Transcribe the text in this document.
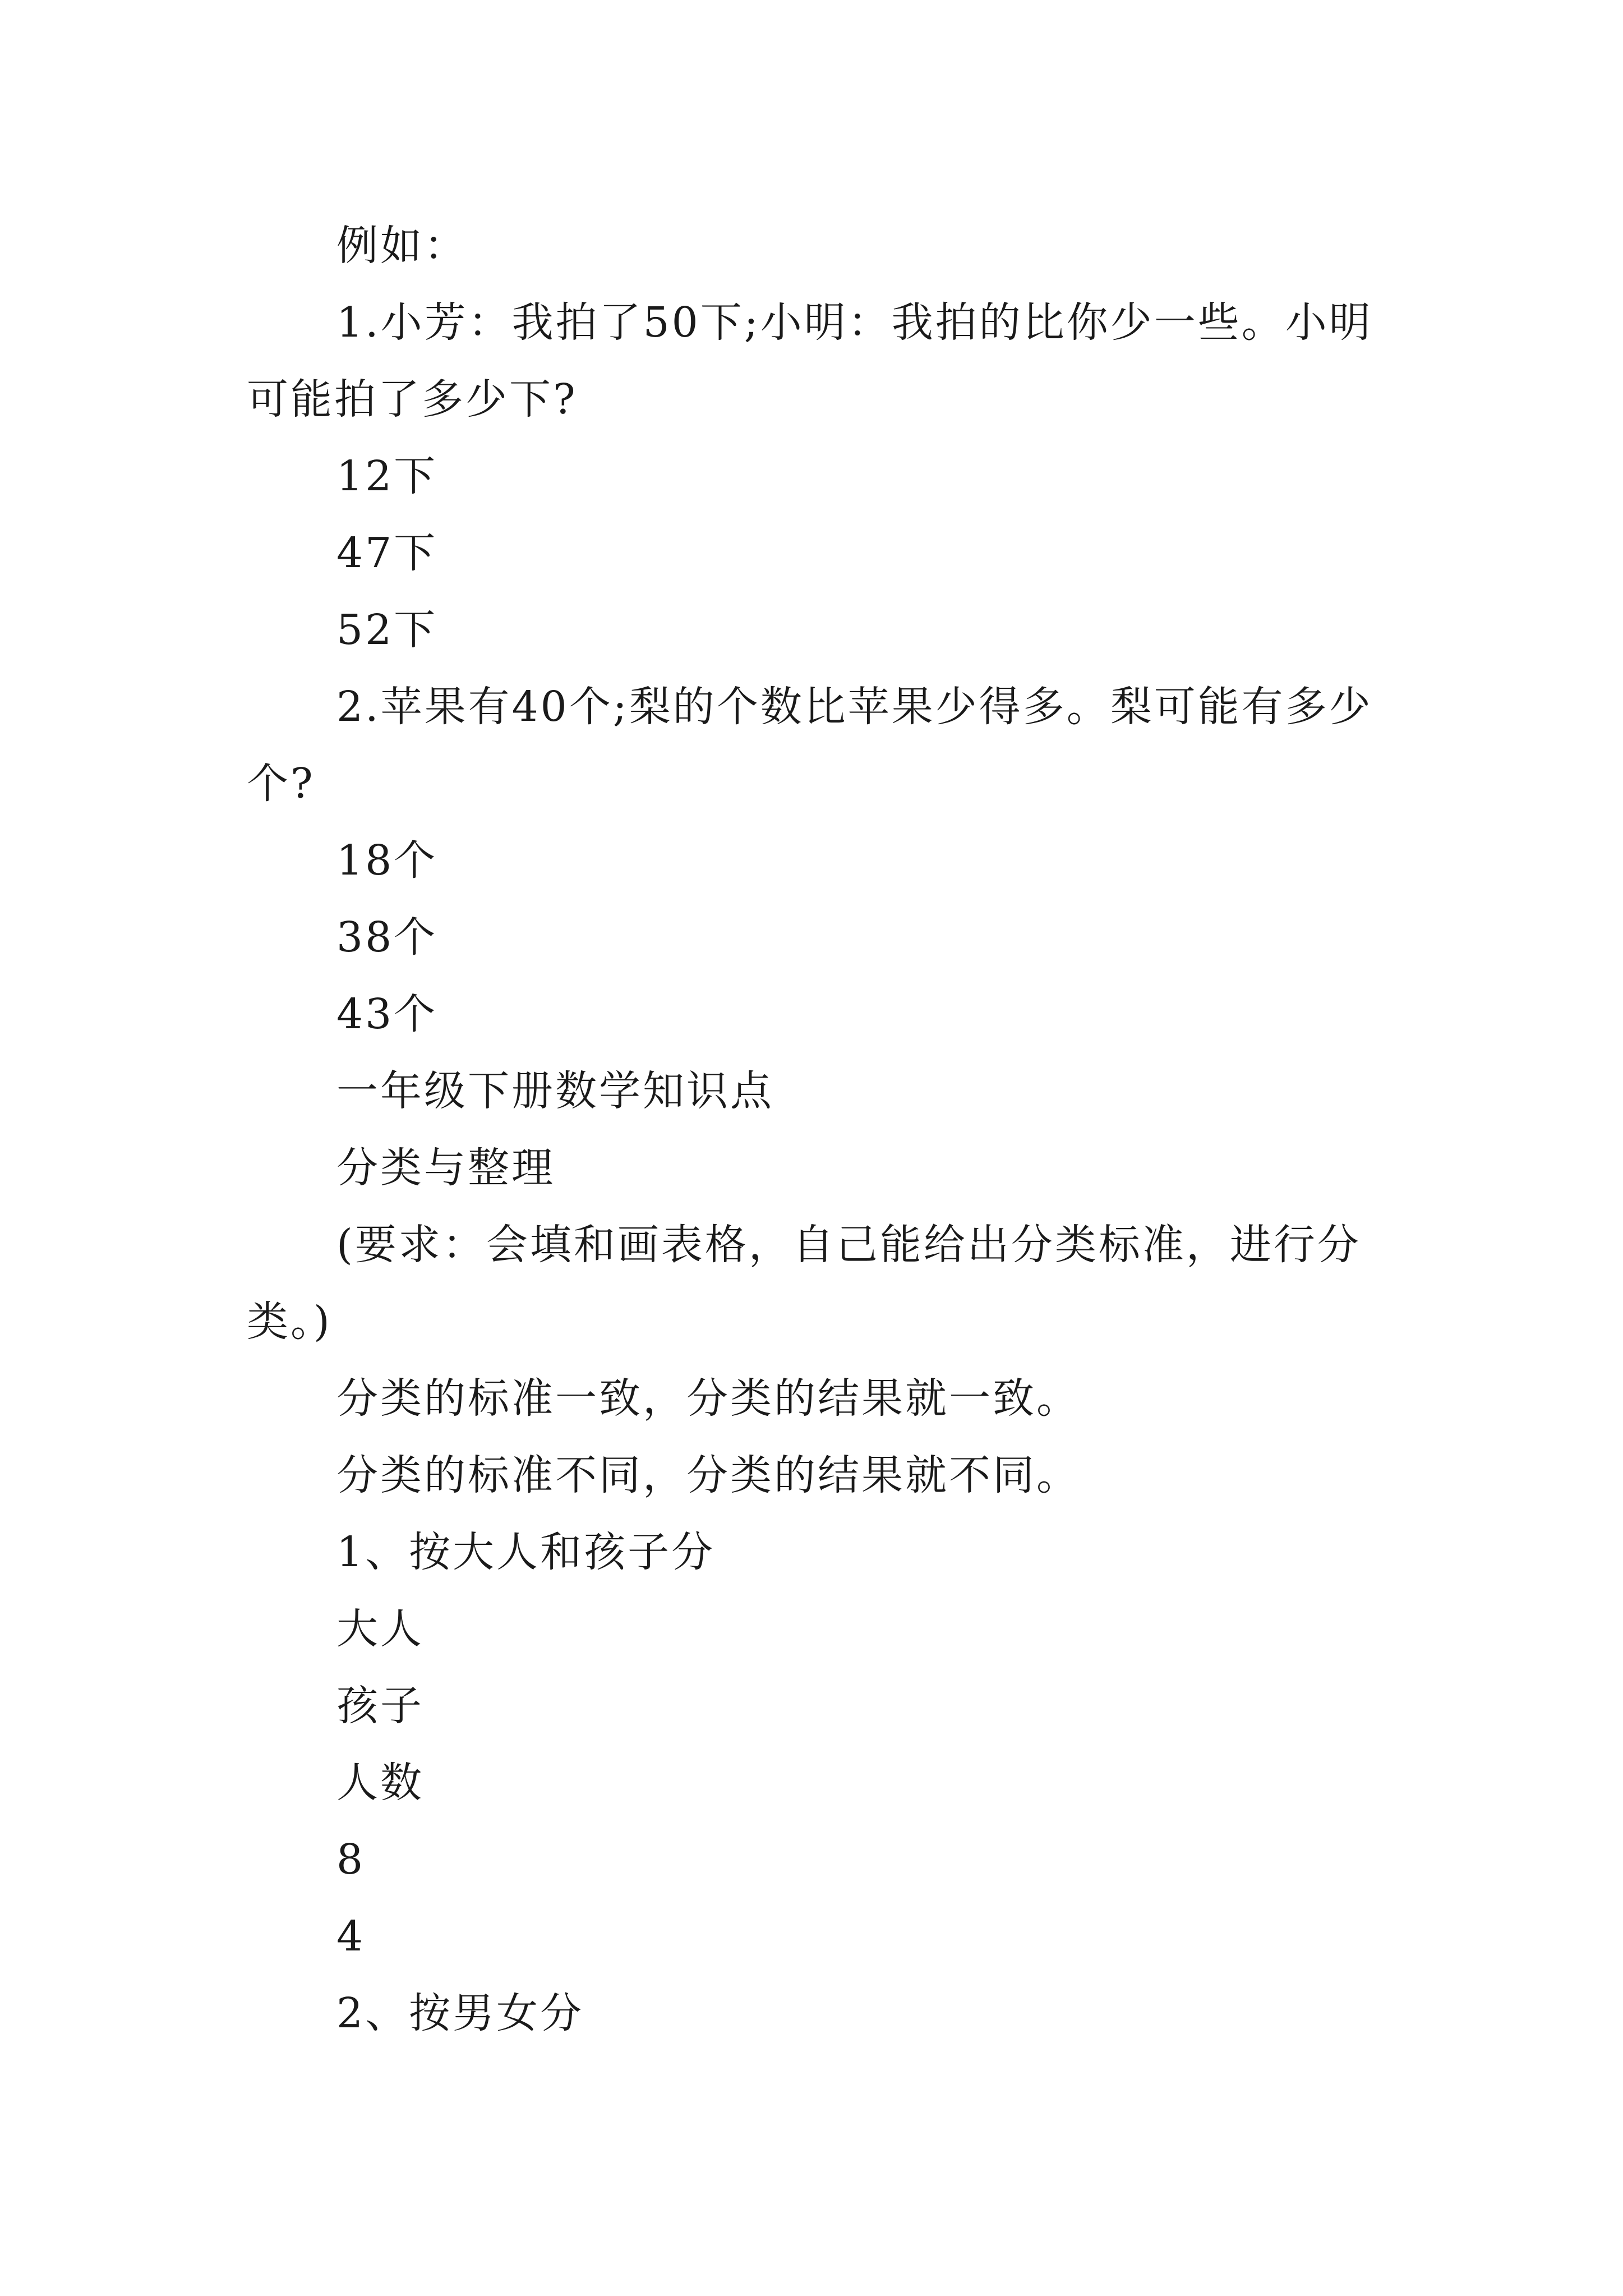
例如：

1.小芳：我拍了50下;小明：我拍的比你少一些。小明可能拍了多少下?

12下

47下

52下

2.苹果有40个;梨的个数比苹果少得多。梨可能有多少个?

18个

38个

43个

一年级下册数学知识点

分类与整理

(要求：会填和画表格，自己能给出分类标准，进行分类。)

分类的标准一致，分类的结果就一致。

分类的标准不同，分类的结果就不同。

1、按大人和孩子分

大人

孩子

人数

8

4

2、按男女分
